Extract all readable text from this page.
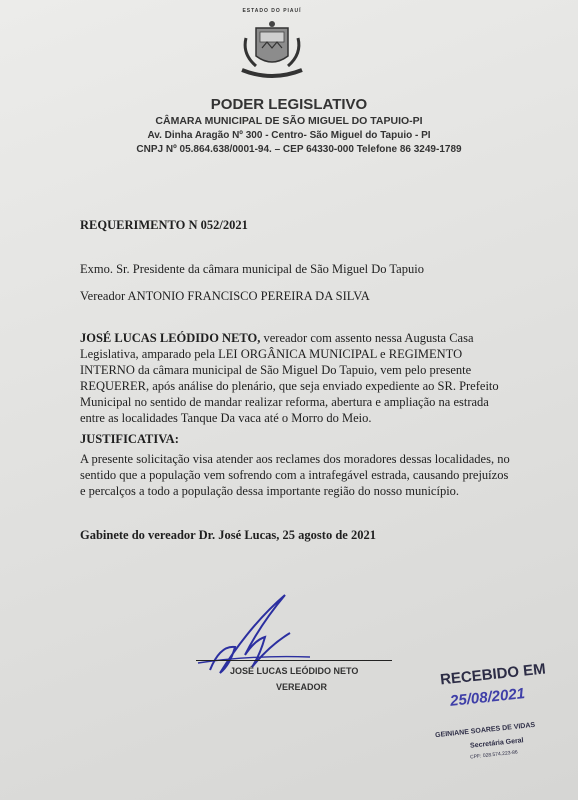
ESTADO DO PIAUÍ
PODER LEGISLATIVO
CÂMARA MUNICIPAL DE SÃO MIGUEL DO TAPUIO-PI
Av. Dinha Aragão Nº 300 - Centro- São Miguel do Tapuio - PI
CNPJ Nº 05.864.638/0001-94. – CEP 64330-000 Telefone 86 3249-1789
REQUERIMENTO N 052/2021
Exmo. Sr. Presidente da câmara municipal de São Miguel Do Tapuio
Vereador ANTONIO FRANCISCO PEREIRA DA SILVA
JOSÉ LUCAS LEÓDIDO NETO, vereador com assento nessa Augusta Casa Legislativa, amparado pela LEI ORGÂNICA MUNICIPAL e REGIMENTO INTERNO da câmara municipal de São Miguel Do Tapuio, vem pelo presente REQUERER, após análise do plenário, que seja enviado expediente ao SR. Prefeito Municipal no sentido de mandar realizar reforma, abertura e ampliação na estrada entre as localidades Tanque Da vaca até o Morro do Meio.
JUSTIFICATIVA:
A presente solicitação visa atender aos reclames dos moradores dessas localidades, no sentido que a população vem sofrendo com a intrafegável estrada, causando prejuízos e percalços a todo a população dessa importante região do nosso município.
Gabinete do vereador Dr. José Lucas, 25 agosto de 2021
JOSÉ LUCAS LEÓDIDO NETO
VEREADOR	RECEBIDO EM
25/08/2021
GEINIANE SOARES DE VIDAS
Secretária Geral
CPF: 028.574.223-86
